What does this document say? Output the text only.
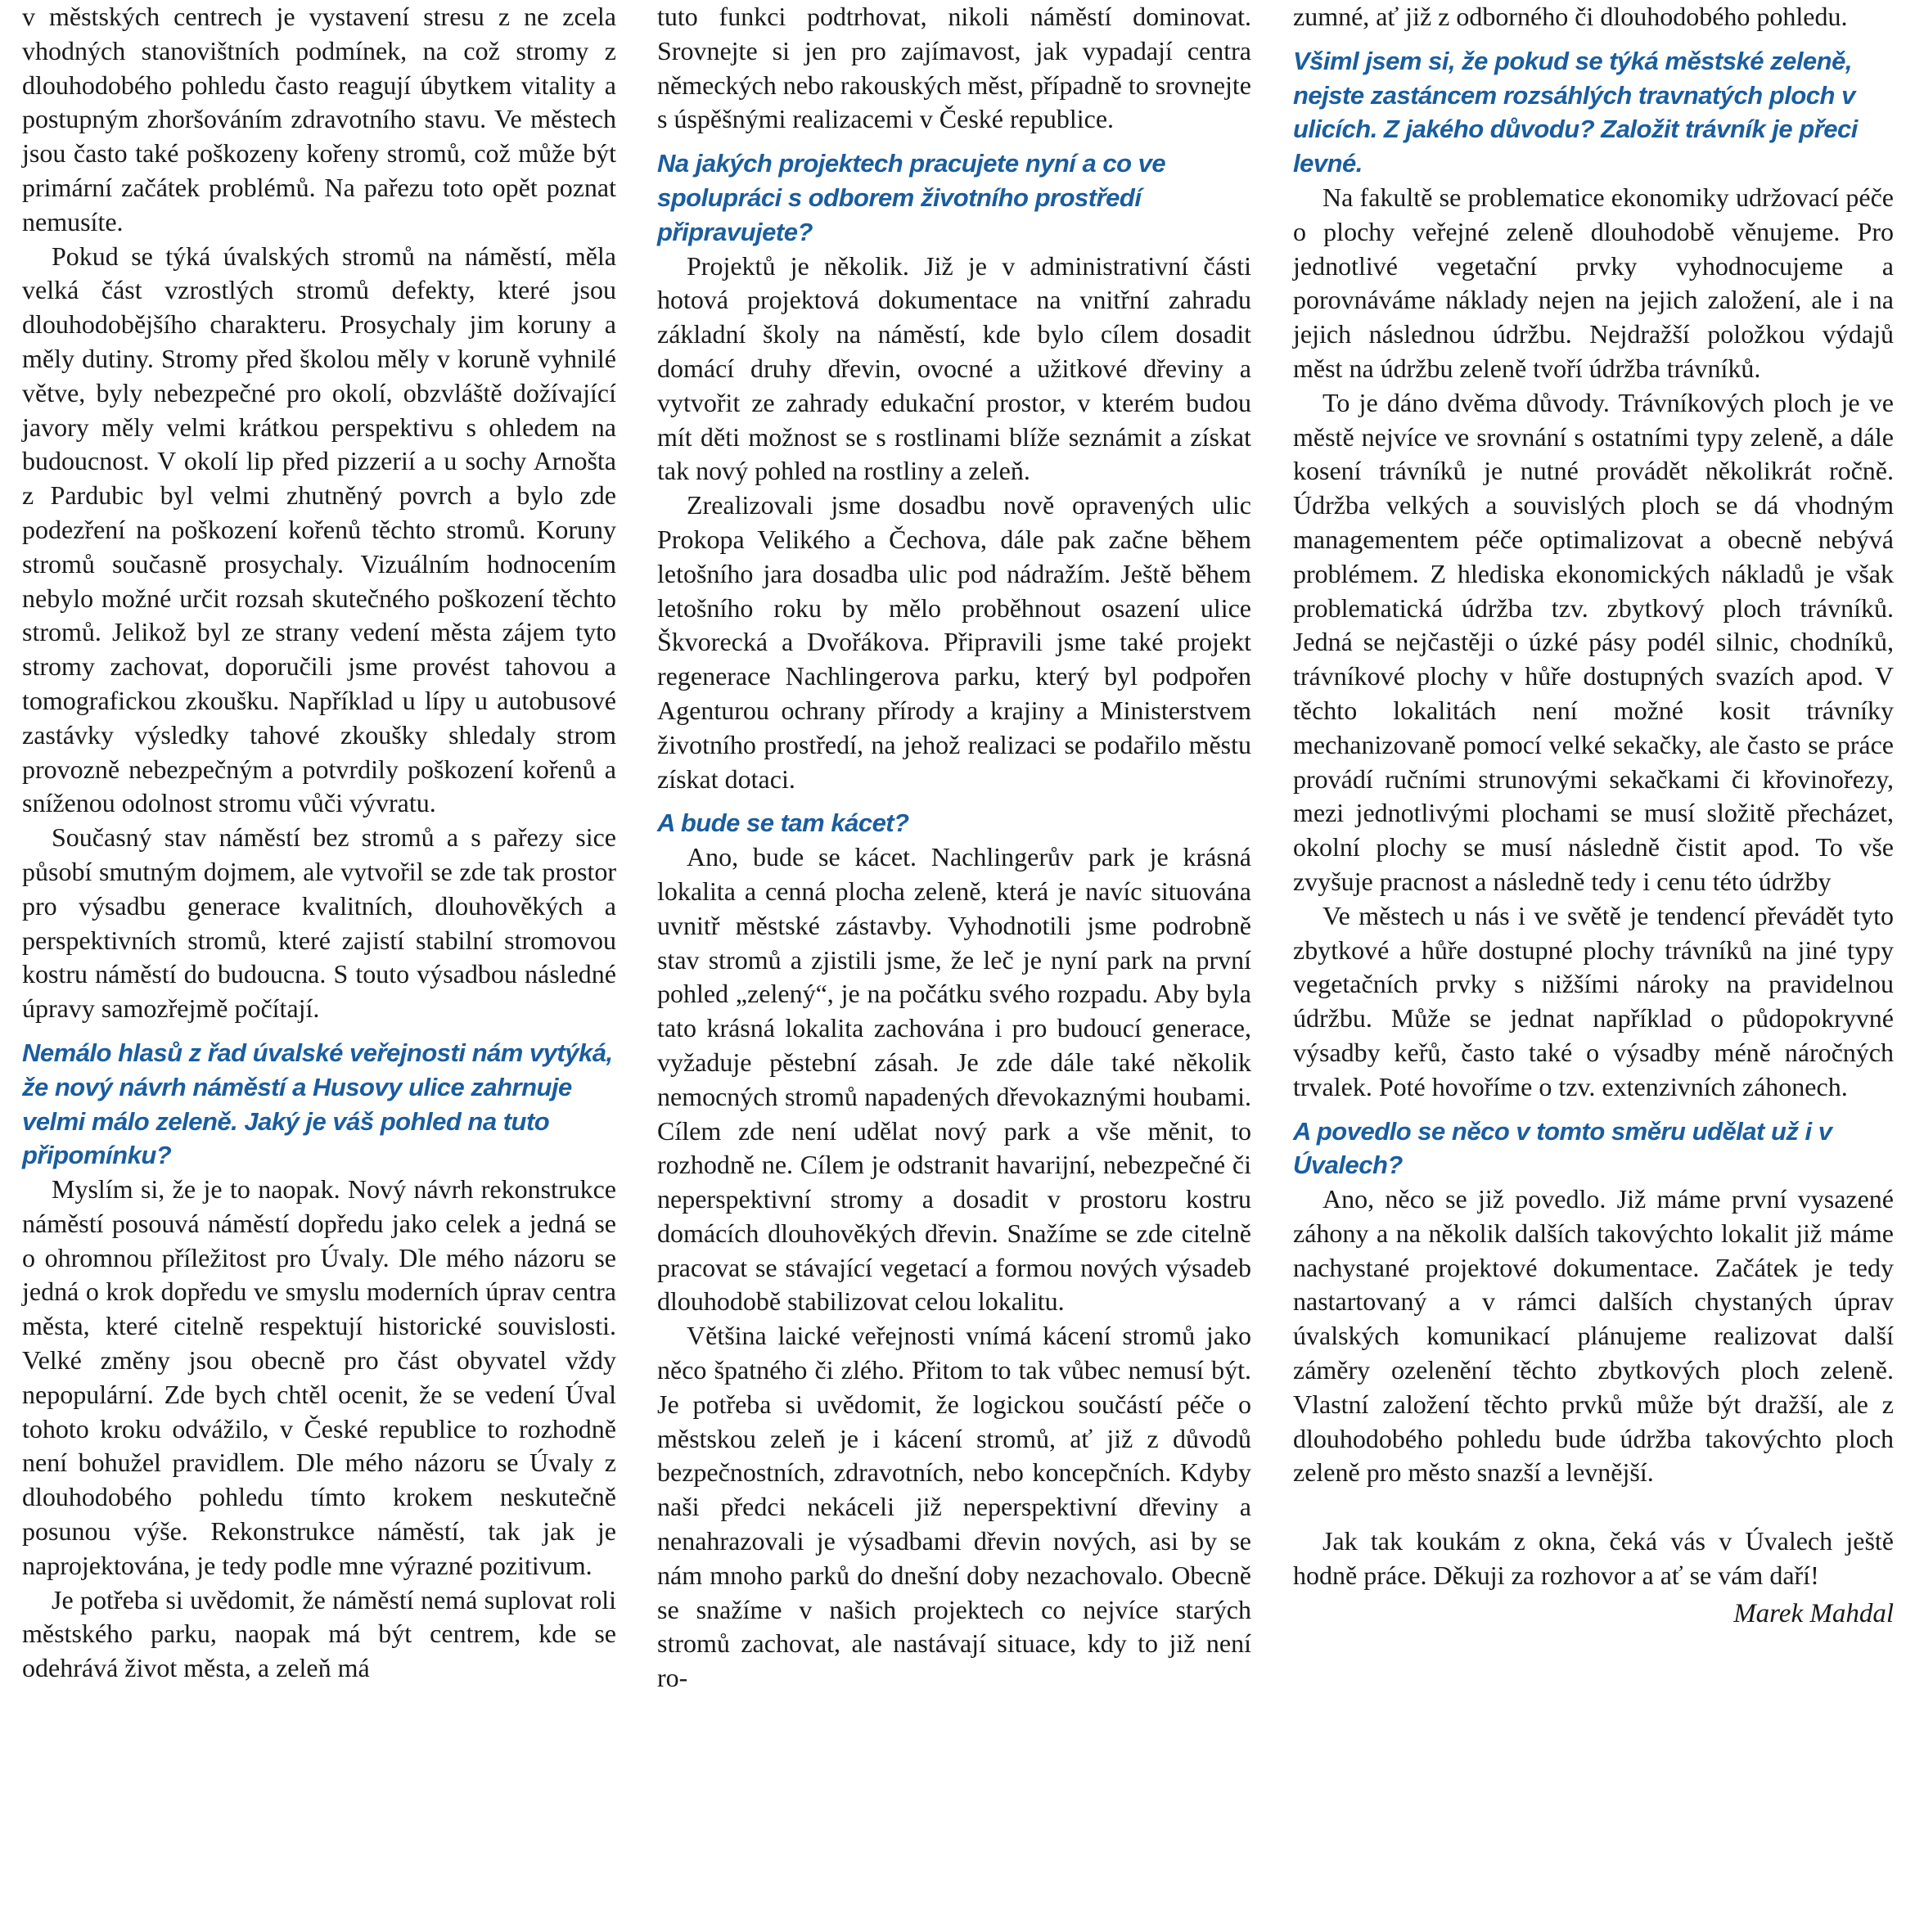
v městských centrech je vystavení stresu z ne zcela vhodných stanovištních podmínek, na což stromy z dlouhodobého pohledu často reagují úbytkem vitality a postupným zhoršováním zdravotního stavu. Ve městech jsou často také poškozeny kořeny stromů, což může být primární začátek problémů. Na pařezu toto opět poznat nemusíte.

Pokud se týká úvalských stromů na náměstí, měla velká část vzrostlých stromů defekty, které jsou dlouhodobějšího charakteru. Prosychaly jim koruny a měly dutiny. Stromy před školou měly v koruně vyhnilé větve, byly nebezpečné pro okolí, obzvláště dožívající javory měly velmi krátkou perspektivu s ohledem na budoucnost. V okolí lip před pizzerií a u sochy Arnošta z Pardubic byl velmi zhutněný povrch a bylo zde podezření na poškození kořenů těchto stromů. Koruny stromů současně prosychaly. Vizuálním hodnocením nebylo možné určit rozsah skutečného poškození těchto stromů. Jelikož byl ze strany vedení města zájem tyto stromy zachovat, doporučili jsme provést tahovou a tomografickou zkoušku. Například u lípy u autobusové zastávky výsledky tahové zkoušky shledaly strom provozně nebezpečným a potvrdily poškození kořenů a sníženou odolnost stromu vůči vývratu.

Současný stav náměstí bez stromů a s pařezy sice působí smutným dojmem, ale vytvořil se zde tak prostor pro výsadbu generace kvalitních, dlouhověkých a perspektivních stromů, které zajistí stabilní stromovou kostru náměstí do budoucna. S touto výsadbou následné úpravy samozřejmě počítají.

Nemálo hlasů z řad úvalské veřejnosti nám vytýká, že nový návrh náměstí a Husovy ulice zahrnuje velmi málo zeleně. Jaký je váš pohled na tuto připomínku?

Myslím si, že je to naopak. Nový návrh rekonstrukce náměstí posouvá náměstí dopředu jako celek a jedná se o ohromnou příležitost pro Úvaly. Dle mého názoru se jedná o krok dopředu ve smyslu moderních úprav centra města, které citelně respektují historické souvislosti. Velké změny jsou obecně pro část obyvatel vždy nepopulární. Zde bych chtěl ocenit, že se vedení Úval tohoto kroku odvážilo, v České republice to rozhodně není bohužel pravidlem. Dle mého názoru se Úvaly z dlouhodobého pohledu tímto krokem neskutečně posunou výše. Rekonstrukce náměstí, tak jak je naprojektována, je tedy podle mne výrazné pozitivum.

Je potřeba si uvědomit, že náměstí nemá suplovat roli městského parku, naopak má být centrem, kde se odehrává život města, a zeleň má

tuto funkci podtrhovat, nikoli náměstí dominovat. Srovnejte si jen pro zajímavost, jak vypadají centra německých nebo rakouských měst, případně to srovnejte s úspěšnými realizacemi v České republice.

Na jakých projektech pracujete nyní a co ve spolupráci s odborem životního prostředí připravujete?

Projektů je několik. Již je v administrativní části hotová projektová dokumentace na vnitřní zahradu základní školy na náměstí, kde bylo cílem dosadit domácí druhy dřevin, ovocné a užitkové dřeviny a vytvořit ze zahrady edukační prostor, v kterém budou mít děti možnost se s rostlinami blíže seznámit a získat tak nový pohled na rostliny a zeleň.

Zrealizovali jsme dosadbu nově opravených ulic Prokopa Velikého a Čechova, dále pak začne během letošního jara dosadba ulic pod nádražím. Ještě během letošního roku by mělo proběhnout osazení ulice Škvorecká a Dvořákova. Připravili jsme také projekt regenerace Nachlingerova parku, který byl podpořen Agenturou ochrany přírody a krajiny a Ministerstvem životního prostředí, na jehož realizaci se podařilo městu získat dotaci.

A bude se tam kácet?

Ano, bude se kácet. Nachlingerův park je krásná lokalita a cenná plocha zeleně, která je navíc situována uvnitř městské zástavby. Vyhodnotili jsme podrobně stav stromů a zjistili jsme, že leč je nyní park na první pohled „zelený“, je na počátku svého rozpadu. Aby byla tato krásná lokalita zachována i pro budoucí generace, vyžaduje pěstební zásah. Je zde dále také několik nemocných stromů napadených dřevokaznými houbami. Cílem zde není udělat nový park a vše měnit, to rozhodně ne. Cílem je odstranit havarijní, nebezpečné či neperspektivní stromy a dosadit v prostoru kostru domácích dlouhověkých dřevin. Snažíme se zde citelně pracovat se stávající vegetací a formou nových výsadeb dlouhodobě stabilizovat celou lokalitu.

Většina laické veřejnosti vnímá kácení stromů jako něco špatného či zlého. Přitom to tak vůbec nemusí být. Je potřeba si uvědomit, že logickou součástí péče o městskou zeleň je i kácení stromů, ať již z důvodů bezpečnostních, zdravotních, nebo koncepčních. Kdyby naši předci nekáceli již neperspektivní dřeviny a nenahrazovali je výsadbami dřevin nových, asi by se nám mnoho parků do dnešní doby nezachovalo. Obecně se snažíme v našich projektech co nejvíce starých stromů zachovat, ale nastávají situace, kdy to již není ro-

zumné, ať již z odborného či dlouhodobého pohledu.

Všiml jsem si, že pokud se týká městské zeleně, nejste zastáncem rozsáhlých travnatých ploch v ulicích. Z jakého důvodu? Založit trávník je přeci levné.

Na fakultě se problematice ekonomiky udržovací péče o plochy veřejné zeleně dlouhodobě věnujeme. Pro jednotlivé vegetační prvky vyhodnocujeme a porovnáváme náklady nejen na jejich založení, ale i na jejich následnou údržbu. Nejdražší položkou výdajů měst na údržbu zeleně tvoří údržba trávníků.

To je dáno dvěma důvody. Trávníkových ploch je ve městě nejvíce ve srovnání s ostatními typy zeleně, a dále kosení trávníků je nutné provádět několikrát ročně. Údržba velkých a souvislých ploch se dá vhodným managementem péče optimalizovat a obecně nebývá problémem. Z hlediska ekonomických nákladů je však problematická údržba tzv. zbytkový ploch trávníků. Jedná se nejčastěji o úzké pásy podél silnic, chodníků, trávníkové plochy v hůře dostupných svazích apod. V těchto lokalitách není možné kosit trávníky mechanizovaně pomocí velké sekačky, ale často se práce provádí ručními strunovými sekačkami či křovinořezy, mezi jednotlivými plochami se musí složitě přecházet, okolní plochy se musí následně čistit apod. To vše zvyšuje pracnost a následně tedy i cenu této údržby

Ve městech u nás i ve světě je tendencí převádět tyto zbytkové a hůře dostupné plochy trávníků na jiné typy vegetačních prvky s nižšími nároky na pravidelnou údržbu. Může se jednat například o půdopokryvné výsadby keřů, často také o výsadby méně náročných trvalek. Poté hovoříme o tzv. extenzivních záhonech.

A povedlo se něco v tomto směru udělat už i v Úvalech?

Ano, něco se již povedlo. Již máme první vysazené záhony a na několik dalších takovýchto lokalit již máme nachystané projektové dokumentace. Začátek je tedy nastartovaný a v rámci dalších chystaných úprav úvalských komunikací plánujeme realizovat další záměry ozelenění těchto zbytkových ploch zeleně. Vlastní založení těchto prvků může být dražší, ale z dlouhodobého pohledu bude údržba takovýchto ploch zeleně pro město snazší a levnější.

Jak tak koukám z okna, čeká vás v Úvalech ještě hodně práce. Děkuji za rozhovor a ať se vám daří!

Marek Mahdal
